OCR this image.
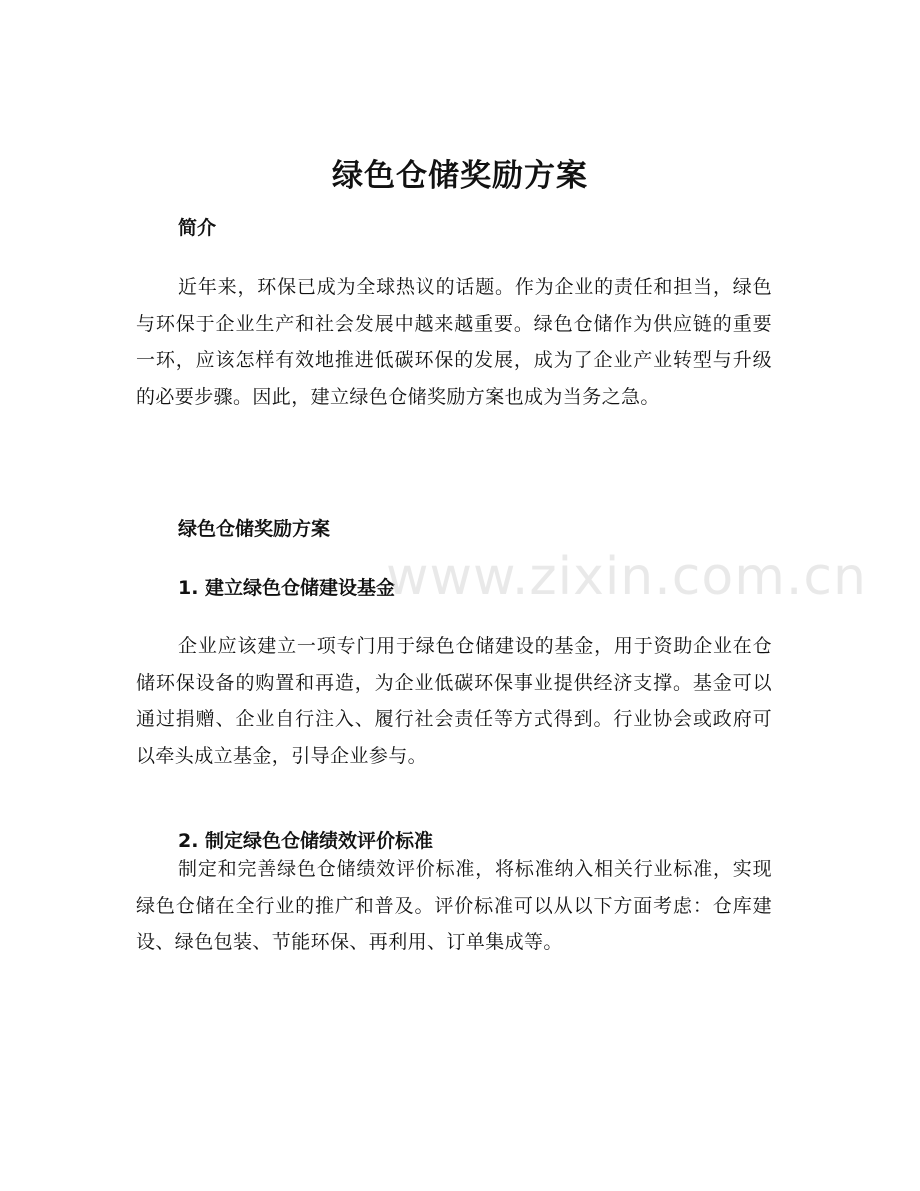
绿色仓储奖励方案
简介
近年来，环保已成为全球热议的话题。作为企业的责任和担当，绿色与环保于企业生产和社会发展中越来越重要。绿色仓储作为供应链的重要一环，应该怎样有效地推进低碳环保的发展，成为了企业产业转型与升级的必要步骤。因此，建立绿色仓储奖励方案也成为当务之急。
绿色仓储奖励方案
1. 建立绿色仓储建设基金
企业应该建立一项专门用于绿色仓储建设的基金，用于资助企业在仓储环保设备的购置和再造，为企业低碳环保事业提供经济支撑。基金可以通过捐赠、企业自行注入、履行社会责任等方式得到。行业协会或政府可以牵头成立基金，引导企业参与。
2. 制定绿色仓储绩效评价标准
制定和完善绿色仓储绩效评价标准，将标准纳入相关行业标准，实现绿色仓储在全行业的推广和普及。评价标准可以从以下方面考虑：仓库建设、绿色包装、节能环保、再利用、订单集成等。
www.zixin.com.cn
